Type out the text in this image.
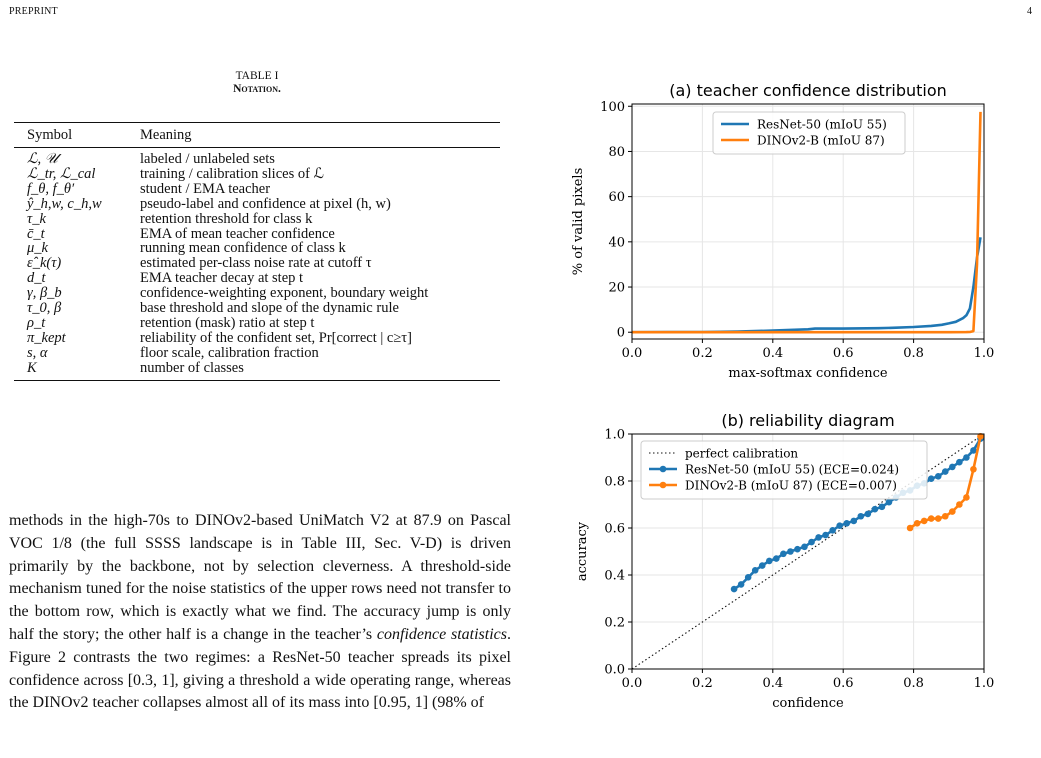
PREPRINT	4
TABLE I
Notation.
Symbol	Meaning
ℒ, 𝒰	labeled / unlabeled sets
ℒ_tr, ℒ_cal	training / calibration slices of ℒ
f_θ, f_θ′	student / EMA teacher
ŷ_h,w, c_h,w	pseudo-label and confidence at pixel (h, w)
τ_k	retention threshold for class k
c̄_t	EMA of mean teacher confidence
μ_k	running mean confidence of class k
ε̂_k(τ)	estimated per-class noise rate at cutoff τ
d_t	EMA teacher decay at step t
γ, β_b	confidence-weighting exponent, boundary weight
τ_0, β	base threshold and slope of the dynamic rule
ρ_t	retention (mask) ratio at step t
π_kept	reliability of the confident set, Pr[correct | c≥τ]
s, α	floor scale, calibration fraction
K	number of classes

methods in the high-70s to DINOv2-based UniMatch V2 at 87.9 on Pascal VOC 1/8 (the full SSSS landscape is in Table III, Sec. V-D) is driven primarily by the backbone, not by selection cleverness. A threshold-side mechanism tuned for the noise statistics of the upper rows need not transfer to the bottom row, which is exactly what we find. The accuracy jump is only half the story; the other half is a change in the teacher’s confidence statistics. Figure 2 contrasts the two regimes: a ResNet-50 teacher spreads its pixel confidence across [0.3, 1], giving a threshold a wide operating range, whereas the DINOv2 teacher collapses almost all of its mass into [0.95, 1] (98% of

0.0	0.2	0.4	0.6	0.8	1.0
0
20
40
60
80
100
(a) teacher confidence distribution
max-softmax confidence
% of valid pixels
ResNet-50 (mIoU 55)
DINOv2-B (mIoU 87)
0.0	0.2	0.4	0.6	0.8	1.0
0.0
0.2
0.4
0.6
0.8
1.0
(b) reliability diagram
confidence
accuracy
perfect calibration
ResNet-50 (mIoU 55) (ECE=0.024)
DINOv2-B (mIoU 87) (ECE=0.007)
